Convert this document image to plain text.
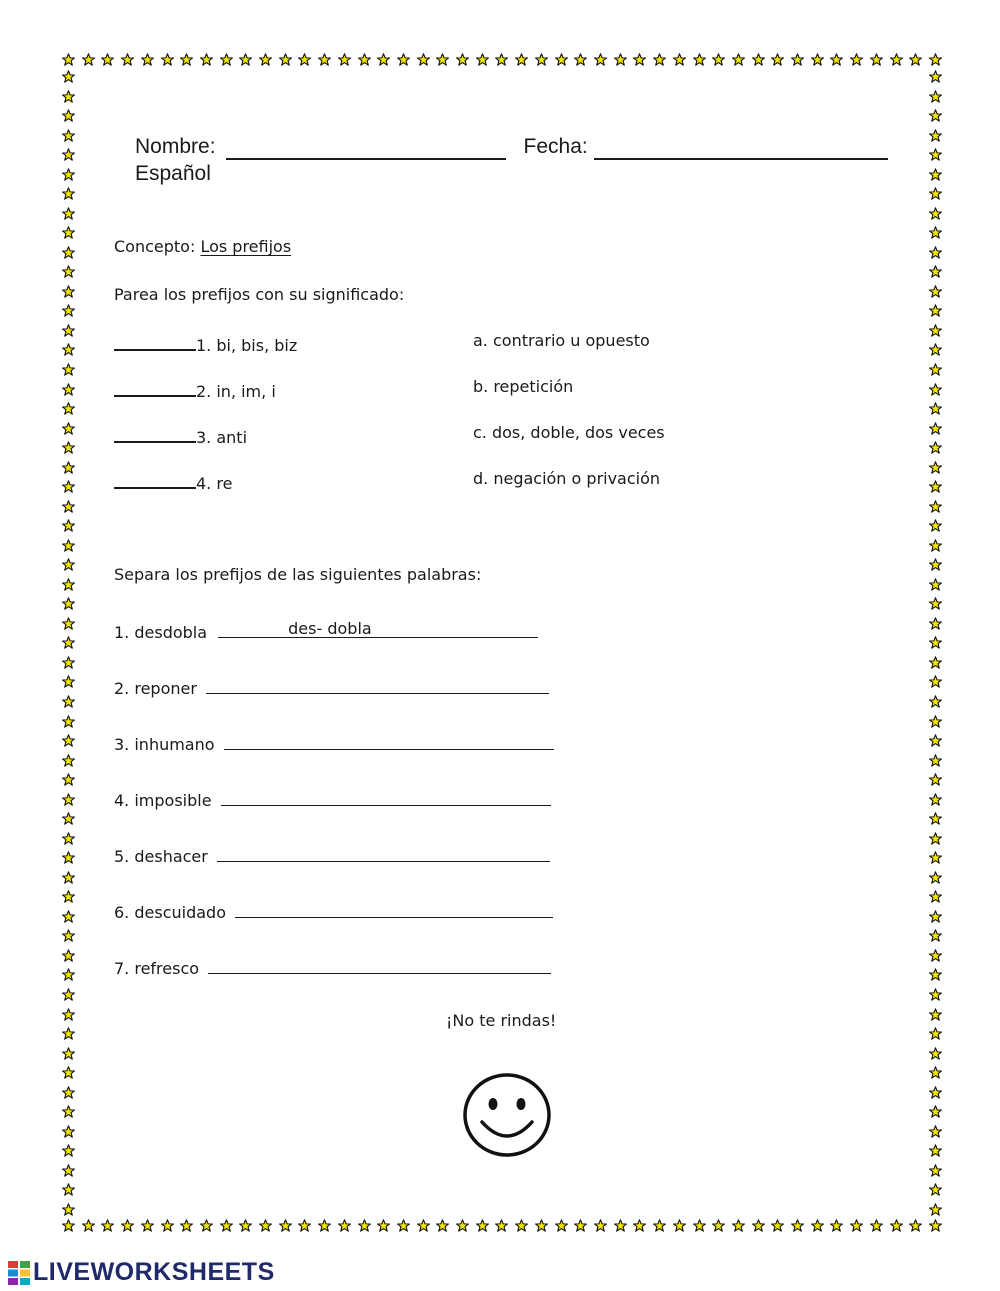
Nombre:	Fecha:
Español
Concepto: Los prefijos
Parea los prefijos con su significado:
1. bi, bis, biz
2. in, im, i
3. anti
4. re
a. contrario u opuesto
b. repetición
c. dos, doble, dos veces
d. negación o privación
Separa los prefijos de las siguientes palabras:
1. desdobla	des- dobla
2. reponer
3. inhumano
4. imposible
5. deshacer
6. descuidado
7. refresco
¡No te rindas!
LIVEWORKSHEETS
